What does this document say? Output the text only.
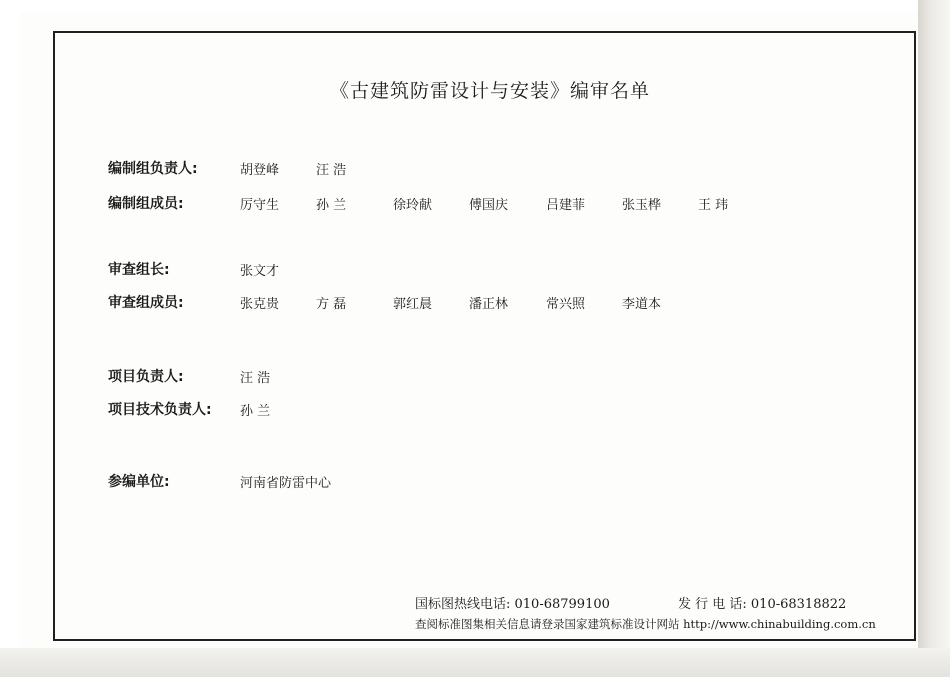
《古建筑防雷设计与安装》编审名单
编制组负责人:	胡登峰	汪 浩
编制组成员:	厉守生	孙 兰	徐玲献	傅国庆	吕建菲	张玉桦	王 玮
审查组长:	张文才
审查组成员:	张克贵	方 磊	郭红晨	潘正林	常兴照	李道本
项目负责人:	汪 浩
项目技术负责人: 孙 兰
参编单位:	河南省防雷中心
国标图热线电话: 010-68799100	发 行 电 话: 010-68318822
查阅标准图集相关信息请登录国家建筑标准设计网站 http://www.chinabuilding.com.cn
